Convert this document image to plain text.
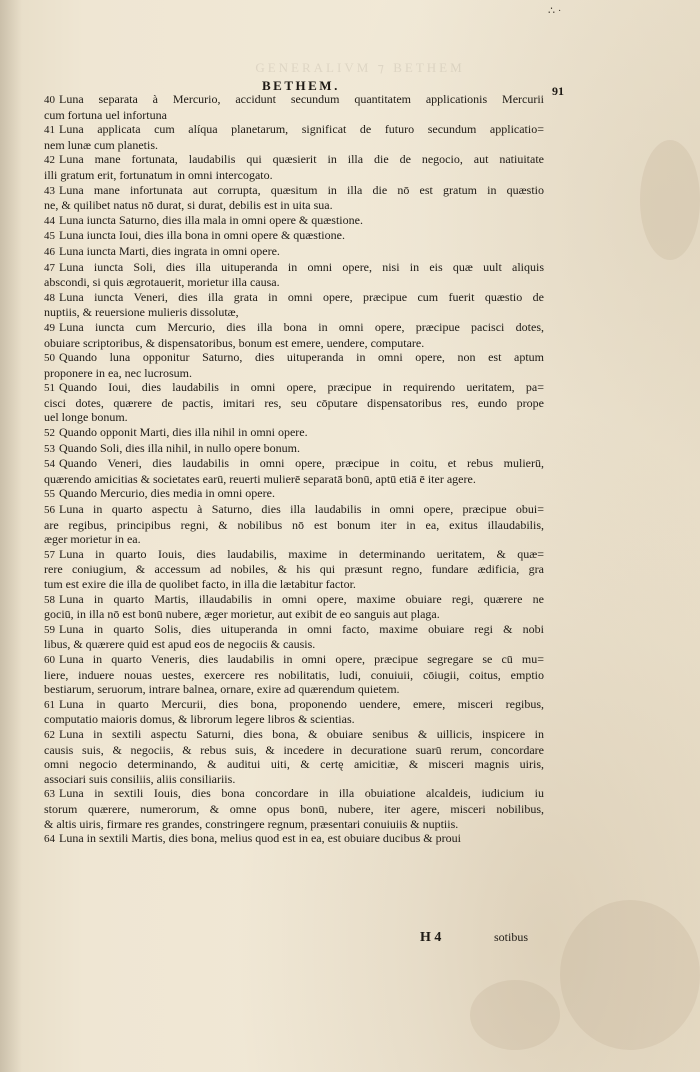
GENERALIVM ⁊ BETHEM
∴ ·
BETHEM.	91
40 Luna separata à Mercurio, accidunt secundum quantitatem applicationis Mercurii
cum fortuna uel infortuna
41 Luna applicata cum alíqua planetarum, significat de futuro secundum applicatio=
nem lunæ cum planetis.
42 Luna mane fortunata, laudabilis qui quæsierit in illa die de negocio, aut natiuitate
illi gratum erit, fortunatum in omni intercogato.
43 Luna mane infortunata aut corrupta, quæsitum in illa die nō est gratum in quæstio
ne, & quilibet natus nō durat, si durat, debilis est in uita sua.
44 Luna iuncta Saturno, dies illa mala in omni opere & quæstione.
45 Luna iuncta Ioui, dies illa bona in omni opere & quæstione.
46 Luna iuncta Marti, dies ingrata in omni opere.
47 Luna iuncta Soli, dies illa uituperanda in omni opere, nisi in eis quæ uult aliquis
abscondi, si quis ægrotauerit, morietur illa causa.
48 Luna iuncta Veneri, dies illa grata in omni opere, præcipue cum fuerit quæstio de
nuptiis, & reuersione mulieris dissolutæ,
49 Luna iuncta cum Mercurio, dies illa bona in omni opere, præcipue pacisci dotes,
obuiare scriptoribus, & dispensatoribus, bonum est emere, uendere, computare.
50 Quando luna opponitur Saturno, dies uituperanda in omni opere, non est aptum
proponere in ea, nec lucrosum.
51 Quando Ioui, dies laudabilis in omni opere, præcipue in requirendo ueritatem, pa=
cisci dotes, quærere de pactis, imitari res, seu cōputare dispensatoribus res, eundo prope
uel longe bonum.
52 Quando opponit Marti, dies illa nihil in omni opere.
53 Quando Soli, dies illa nihil, in nullo opere bonum.
54 Quando Veneri, dies laudabilis in omni opere, præcipue in coitu, et rebus mulierū,
quærendo amicitias & societates earū, reuerti mulierē separatā bonū, aptū etiā ē iter agere.
55 Quando Mercurio, dies media in omni opere.
56 Luna in quarto aspectu à Saturno, dies illa laudabilis in omni opere, præcipue obui=
are regibus, principibus regni, & nobilibus nō est bonum iter in ea, exitus illaudabilis,
æger morietur in ea.
57 Luna in quarto Iouis, dies laudabilis, maxime in determinando ueritatem, & quæ=
rere coniugium, & accessum ad nobiles, & his qui præsunt regno, fundare ædificia, gra
tum est exire die illa de quolibet facto, in illa die lætabitur factor.
58 Luna in quarto Martis, illaudabilis in omni opere, maxime obuiare regi, quærere ne
gociū, in illa nō est bonū nubere, æger morietur, aut exibit de eo sanguis aut plaga.
59 Luna in quarto Solis, dies uituperanda in omni facto, maxime obuiare regi & nobi
libus, & quærere quid est apud eos de negociis & causis.
60 Luna in quarto Veneris, dies laudabilis in omni opere, præcipue segregare se cū mu=
liere, induere nouas uestes, exercere res nobilitatis, ludi, conuiuii, cōiugii, coitus, emptio
bestiarum, seruorum, intrare balnea, ornare, exire ad quærendum quietem.
61 Luna in quarto Mercurii, dies bona, proponendo uendere, emere, misceri regibus,
computatio maioris domus, & librorum legere libros & scientias.
62 Luna in sextili aspectu Saturni, dies bona, & obuiare senibus & uillicis, inspicere in
causis suis, & negociis, & rebus suis, & incedere in decuratione suarū rerum, concordare
omni negocio determinando, & auditui uiti, & certę amicitiæ, & misceri magnis uiris,
associari suis consiliis, aliis consiliariis.
63 Luna in sextili Iouis, dies bona concordare in illa obuiatione alcaldeis, iudicium iu
storum quærere, numerorum, & omne opus bonū, nubere, iter agere, misceri nobilibus,
& altis uiris, firmare res grandes, constringere regnum, præsentari conuiuiis & nuptiis.
64 Luna in sextili Martis, dies bona, melius quod est in ea, est obuiare ducibus & proui
H 4	sotibus
